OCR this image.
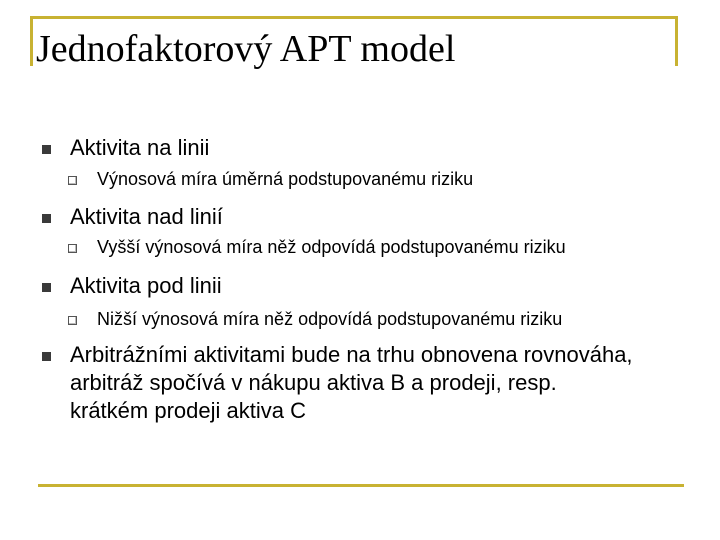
Jednofaktorový APT model
Aktivita na linii
Výnosová míra úměrná podstupovanému riziku
Aktivita nad linií
Vyšší výnosová míra něž odpovídá podstupovanému riziku
Aktivita pod linii
Nižší výnosová míra něž odpovídá podstupovanému riziku
Arbitrážními aktivitami bude na trhu obnovena rovnováha, arbitráž spočívá v nákupu aktiva B a prodeji, resp. krátkém prodeji aktiva C
